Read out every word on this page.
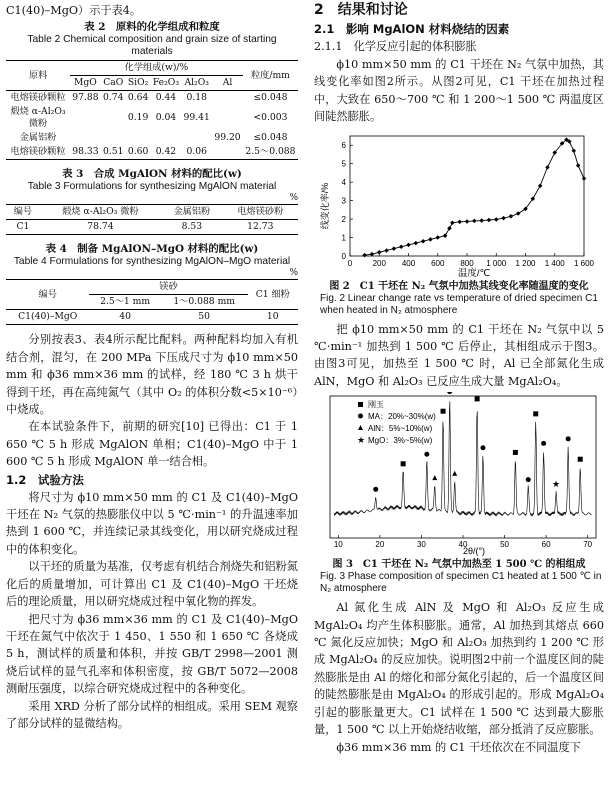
C1(40)–MgO）示于表4。

表 2　原料的化学组成和粒度

Table 2 Chemical composition and grain size of starting materials

原料	化学组成(w)/%						粒度/mm
	MgO	CaO	SiO₂	Fe₂O₃	Al₂O₃	Al	
电熔镁砂颗粒	97.88	0.74	0.64	0.44	0.18		≤0.048
煅烧 α-Al₂O₃ 微粉			0.19	0.04	99.41		<0.003
金属铝粉						99.20	≤0.048
电熔镁砂颗粒	98.33	0.51	0.60	0.42	0.06		2.5～0.088

表 3　合成 MgAlON 材料的配比(w)

Table 3 Formulations for synthesizing MgAlON material

%

编号	煅烧 α-Al₂O₃ 微粉	金属铝粉	电熔镁砂粉
C1	78.74	8.53	12.73

表 4　制备 MgAlON–MgO 材料的配比(w)

Table 4 Formulations for synthesizing MgAlON–MgO material

%

编号	镁砂		C1 细粉
	2.5～1 mm	1～0.088 mm	
C1(40)–MgO	40	50	10

分别按表3、表4所示配比配料。两种配料均加入有机结合剂，混匀，在 200 MPa 下压成尺寸为 ϕ10 mm×50 mm 和 ϕ36 mm×36 mm 的试样，经 180 ℃ 3 h 烘干得到干坯，再在高纯氮气（其中 O₂ 的体积分数<5×10⁻⁶）中烧成。

在本试验条件下，前期的研究[10] 已得出：C1 于 1 650 ℃ 5 h 形成 MgAlON 单相；C1(40)–MgO 中于 1 600 ℃ 5 h 形成 MgAlON 单一结合相。

1.2　试验方法

将尺寸为 ϕ10 mm×50 mm 的 C1 及 C1(40)–MgO 干坯在 N₂ 气氛的热膨胀仪中以 5 ℃·min⁻¹ 的升温速率加热到 1 600 ℃，并连续记录其线变化，用以研究烧成过程中的体积变化。

以干坯的质量为基准，仅考虑有机结合剂烧失和铝粉氮化后的质量增加，可计算出 C1 及 C1(40)–MgO 干坯烧后的理论质量，用以研究烧成过程中氧化物的挥发。

把尺寸为 ϕ36 mm×36 mm 的 C1 及 C1(40)–MgO 干坯在氮气中依次于 1 450、1 550 和 1 650 ℃ 各烧成 5 h，测试样的质量和体积，并按 GB/T 2998—2001 测烧后试样的显气孔率和体积密度，按 GB/T 5072—2008 测耐压强度，以综合研究烧成过程中的各种变化。

采用 XRD 分析了部分试样的相组成。采用 SEM 观察了部分试样的显微结构。

2　结果和讨论
2.1　影响 MgAlON 材料烧结的因素
2.1.1　化学反应引起的体积膨胀

ϕ10 mm×50 mm 的 C1 干坯在 N₂ 气氛中加热，其线变化率如图2所示。从图2可见，C1 干坯在加热过程中，大致在 650～700 ℃ 和 1 200～1 500 ℃ 两温度区间陡然膨胀。

0	200 400 600 800 1 000 1 200 1 400 1 600
0
1
2
3
4
5
6
线变化率/%
温度/℃

图 2　C1 干坯在 N₂ 气氛中加热其线变化率随温度的变化

Fig. 2 Linear change rate vs temperature of dried specimen C1 when heated in N₂ atmosphere

把 ϕ10 mm×50 mm 的 C1 干坯在 N₂ 气氛中以 5 ℃·min⁻¹ 加热到 1 500 ℃ 后停止，其相组成示于图3。由图3可见，加热至 1 500 ℃ 时，Al 已全部氮化生成 AlN，MgO 和 Al₂O₃ 已反应生成大量 MgAl₂O₄。

10	20	30	40	50	60	70
★
刚玉
MA：20%~30%(w)
AlN：5%~10%(w)
★ MgO：3%~5%(w)
2θ/(°)

图 3　C1 干坯在 N₂ 气氛中加热至 1 500 ℃ 的相组成

Fig. 3 Phase composition of specimen C1 heated at 1 500 ℃ in N₂ atmosphere

Al 氮化生成 AlN 及 MgO 和 Al₂O₃ 反应生成 MgAl₂O₄ 均产生体积膨胀。通常，Al 加热到其熔点 660 ℃ 氮化反应加快；MgO 和 Al₂O₃ 加热到约 1 200 ℃ 形成 MgAl₂O₄ 的反应加快。说明图2中前一个温度区间的陡然膨胀是由 Al 的熔化和部分氮化引起的，后一个温度区间的陡然膨胀是由 MgAl₂O₄ 的形成引起的。形成 MgAl₂O₄ 引起的膨胀量更大。C1 试样在 1 500 ℃ 达到最大膨胀量，1 500 ℃ 以上开始烧结收缩，部分抵消了反应膨胀。

ϕ36 mm×36 mm 的 C1 干坯依次在不同温度下
